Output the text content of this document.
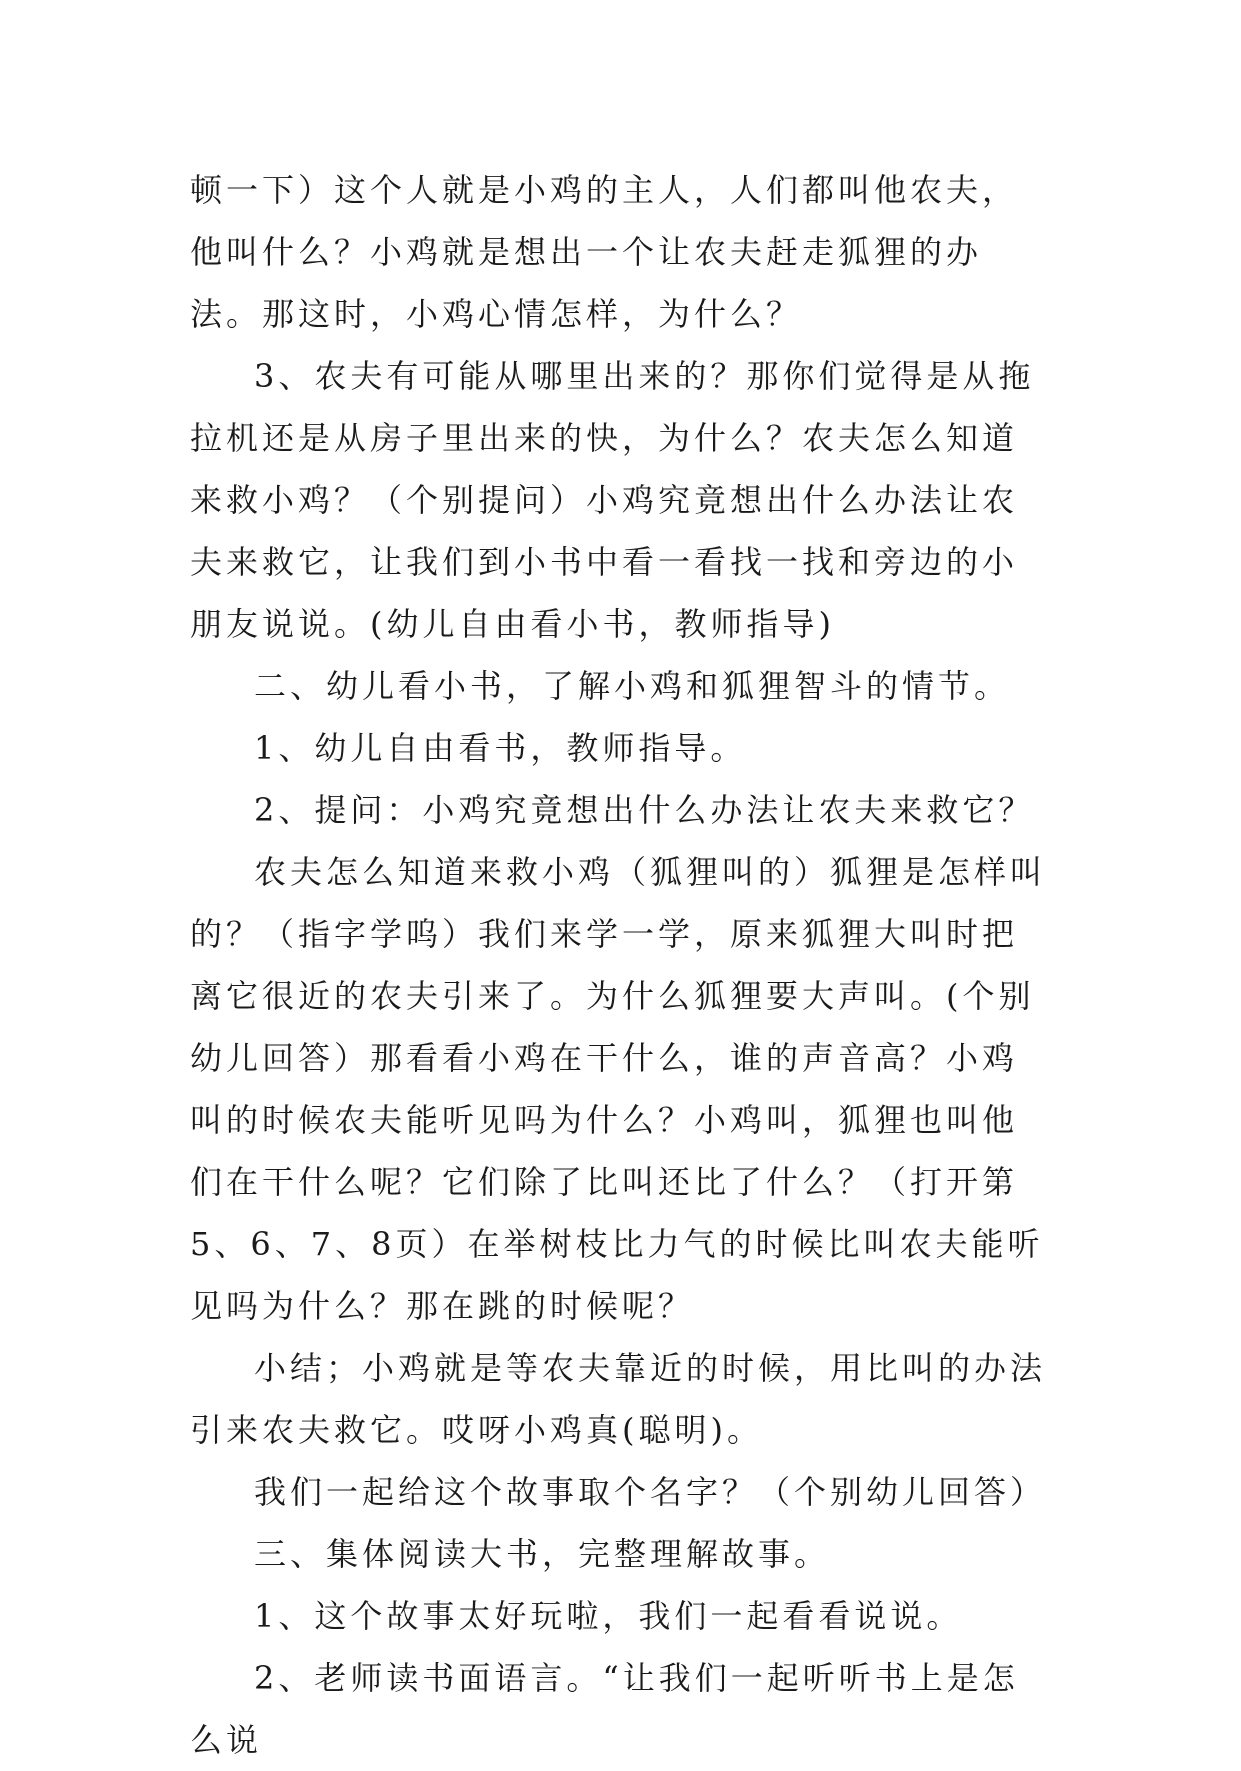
顿一下）这个人就是小鸡的主人，人们都叫他农夫，他叫什么？小鸡就是想出一个让农夫赶走狐狸的办法。那这时，小鸡心情怎样，为什么？

3、农夫有可能从哪里出来的？那你们觉得是从拖拉机还是从房子里出来的快，为什么？农夫怎么知道来救小鸡？（个别提问）小鸡究竟想出什么办法让农夫来救它，让我们到小书中看一看找一找和旁边的小朋友说说。(幼儿自由看小书，教师指导)

二、幼儿看小书，了解小鸡和狐狸智斗的情节。

1、幼儿自由看书，教师指导。

2、提问：小鸡究竟想出什么办法让农夫来救它？

农夫怎么知道来救小鸡（狐狸叫的）狐狸是怎样叫的？（指字学呜）我们来学一学，原来狐狸大叫时把离它很近的农夫引来了。为什么狐狸要大声叫。(个别幼儿回答）那看看小鸡在干什么，谁的声音高？小鸡叫的时候农夫能听见吗为什么？小鸡叫，狐狸也叫他们在干什么呢？它们除了比叫还比了什么？（打开第5、6、7、8页）在举树枝比力气的时候比叫农夫能听见吗为什么？那在跳的时候呢？

小结；小鸡就是等农夫靠近的时候，用比叫的办法引来农夫救它。哎呀小鸡真(聪明)。

我们一起给这个故事取个名字？（个别幼儿回答）

三、集体阅读大书，完整理解故事。

1、这个故事太好玩啦，我们一起看看说说。

2、老师读书面语言。“让我们一起听听书上是怎么说
